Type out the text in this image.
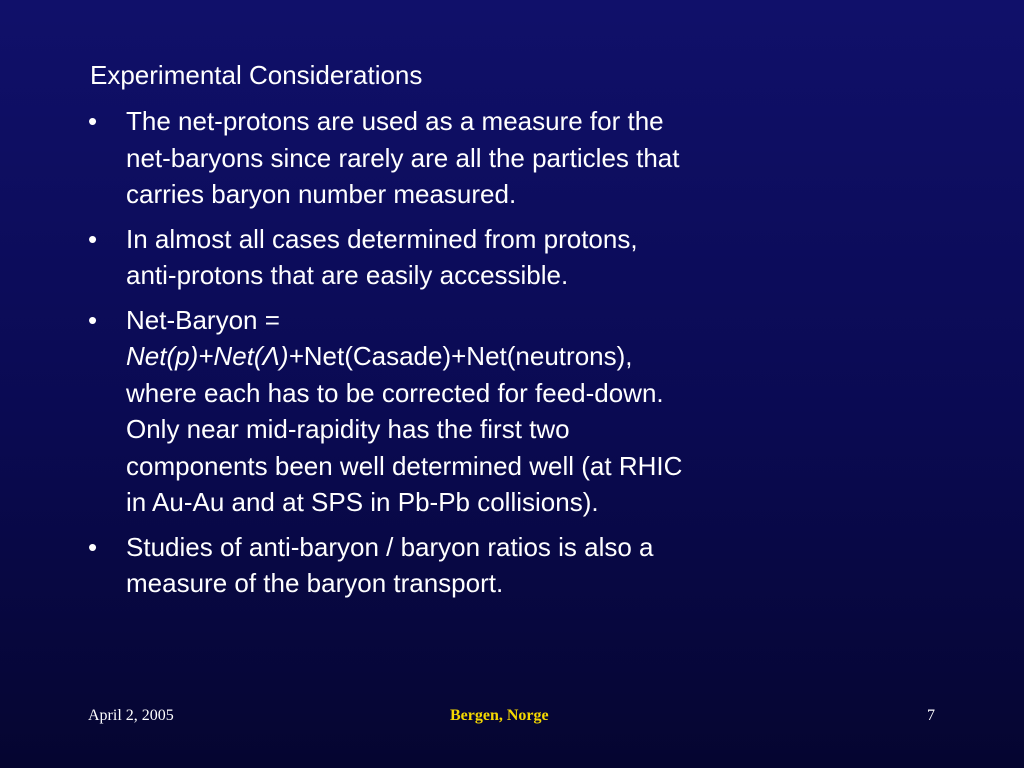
Experimental Considerations
• The net-protons are used as a measure for the
net-baryons since rarely are all the particles that
carries baryon number measured.
• In almost all cases determined from protons,
anti-protons that are easily accessible.
• Net-Baryon =
Net(p)+Net(Λ)+Net(Casade)+Net(neutrons),
where each has to be corrected for feed-down.
Only near mid-rapidity has the first two
components been well determined well (at RHIC
in Au-Au and at SPS in Pb-Pb collisions).
• Studies of anti-baryon / baryon ratios is also a
measure of the baryon transport.
April 2, 2005	Bergen, Norge	7
